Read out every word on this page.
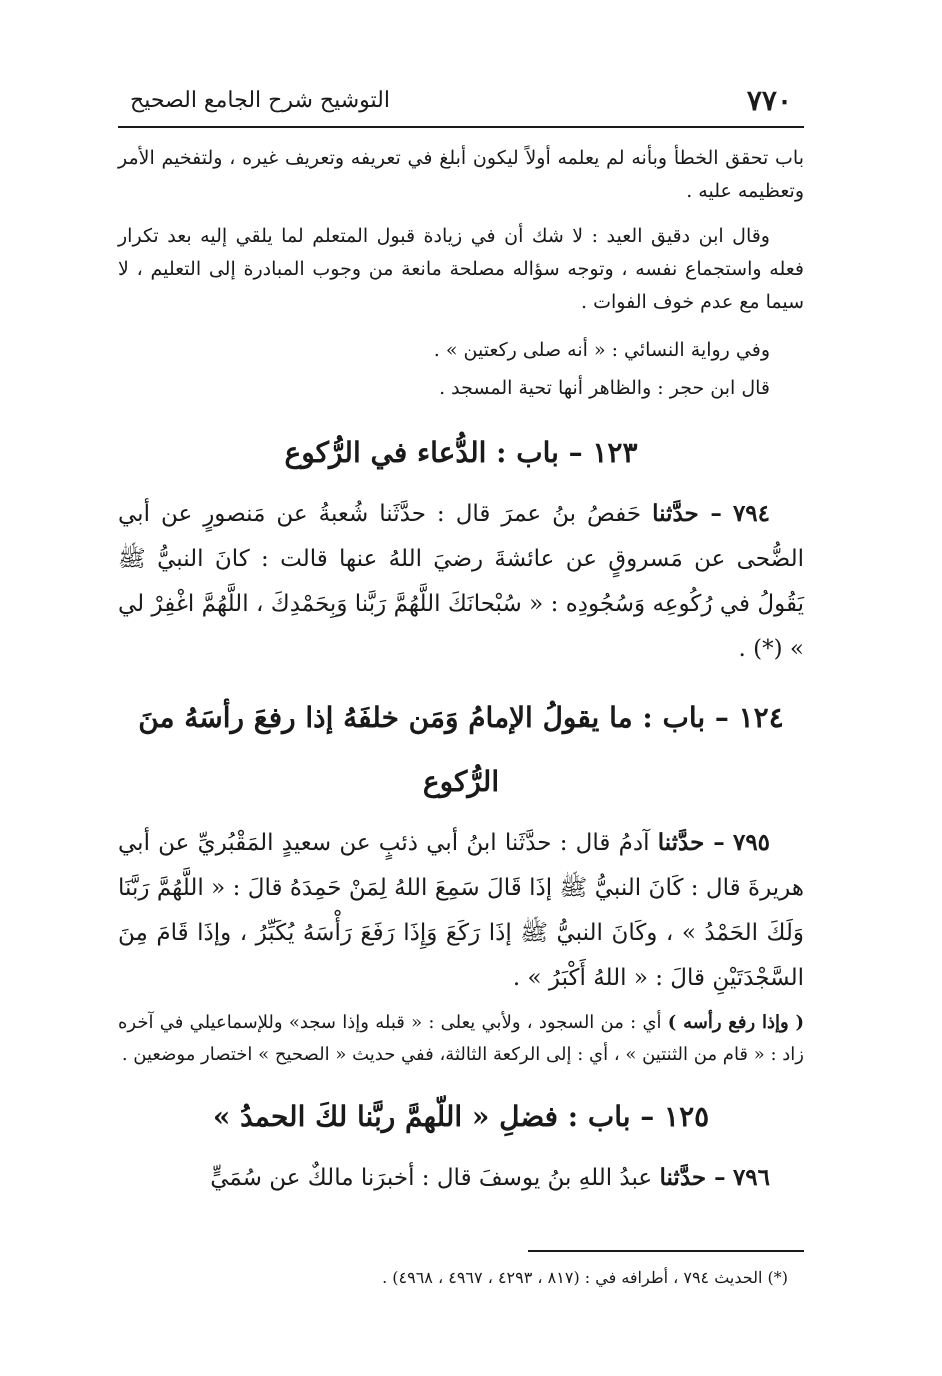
٧٧٠
التوشيح شرح الجامع الصحيح

باب تحقق الخطأ وبأنه لم يعلمه أولاً ليكون أبلغ في تعريفه وتعريف غيره ، ولتفخيم الأمر وتعظيمه عليه .

وقال ابن دقيق العيد : لا شك أن في زيادة قبول المتعلم لما يلقي إليه بعد تكرار فعله واستجماع نفسه ، وتوجه سؤاله مصلحة مانعة من وجوب المبادرة إلى التعليم ، لا سيما مع عدم خوف الفوات .

وفي رواية النسائي : « أنه صلى ركعتين » .

قال ابن حجر : والظاهر أنها تحية المسجد .

١٢٣ – باب : الدُّعاء في الرُّكوع

٧٩٤ – حدَّثنا حَفصُ بنُ عمرَ قال : حدَّثَنا شُعبةُ عن مَنصورٍ عن أبي الضُّحى عن مَسروقٍ عن عائشةَ رضيَ اللهُ عنها قالت : كانَ النبيُّ ﷺ يَقُولُ في رُكُوعِه وَسُجُودِه : « سُبْحانَكَ اللَّهُمَّ رَبَّنا وَبِحَمْدِكَ ، اللَّهُمَّ اغْفِرْ لي » (*) .

١٢٤ – باب : ما يقولُ الإمامُ وَمَن خلفَهُ إذا رفعَ رأسَهُ منَ الرُّكوع

٧٩٥ – حدَّثنا آدمُ قال : حدَّثَنا ابنُ أبي ذئبٍ عن سعيدٍ المَقْبُريِّ عن أبي هريرةَ قال : كَانَ النبيُّ ﷺ إذَا قَالَ سَمِعَ اللهُ لِمَنْ حَمِدَهُ قالَ : « اللَّهُمَّ رَبَّنَا وَلَكَ الحَمْدُ » ، وكَانَ النبيُّ ﷺ إذَا رَكَعَ وَإِذَا رَفَعَ رَأْسَهُ يُكَبِّرُ ، وإذَا قَامَ مِنَ السَّجْدَتَيْنِ قالَ : « اللهُ أَكْبَرُ » .

( وإذا رفع رأسه ) أي : من السجود ، ولأبي يعلى : « قبله وإذا سجد» وللإسماعيلي في آخره زاد : « قام من الثنتين » ، أي : إلى الركعة الثالثة، ففي حديث « الصحيح » اختصار موضعين .

١٢٥ – باب : فضلِ « اللّهمَّ ربَّنا لكَ الحمدُ »

٧٩٦ – حدَّثنا عبدُ اللهِ بنُ يوسفَ قال : أخبرَنا مالكٌ عن سُمَيٍّ

(*) الحديث ٧٩٤ ، أطرافه في : (٨١٧ ، ٤٢٩٣ ، ٤٩٦٧ ، ٤٩٦٨) .
